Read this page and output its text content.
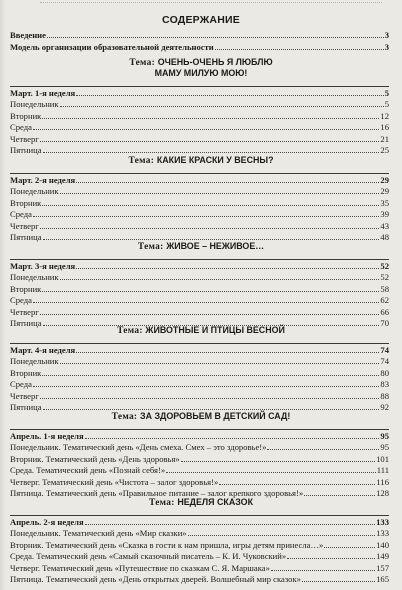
СОДЕРЖАНИЕ
Введение	3
Модель организации образовательной деятельности	3
Тема: ОЧЕНЬ-ОЧЕНЬ Я ЛЮБЛЮ
МАМУ МИЛУЮ МОЮ!
Март. 1-я неделя	5
Понедельник	5
Вторник	12
Среда	16
Четверг	21
Пятница	25
Тема: КАКИЕ КРАСКИ У ВЕСНЫ?
Март. 2-я неделя	29
Понедельник	29
Вторник	35
Среда	39
Четверг	43
Пятница	48
Тема: ЖИВОЕ – НЕЖИВОЕ…
Март. 3-я неделя	52
Понедельник	52
Вторник	58
Среда	62
Четверг	66
Пятница	70
Тема: ЖИВОТНЫЕ И ПТИЦЫ ВЕСНОЙ
Март. 4-я неделя	74
Понедельник	74
Вторник	80
Среда	83
Четверг	88
Пятница	92
Тема: ЗА ЗДОРОВЬЕМ В ДЕТСКИЙ САД!
Апрель. 1-я неделя	95
Понедельник. Тематический день «День смеха. Смех – это здоровье!»	95
Вторник. Тематический день «День здоровья»	101
Среда. Тематический день «Познай себя!»	111
Четверг. Тематический день «Чистота – залог здоровья!»	116
Пятница. Тематический день «Правильное питание – залог крепкого здоровья!»	128
Тема: НЕДЕЛЯ СКАЗОК
Апрель. 2-я неделя	133
Понедельник. Тематический день «Мир сказки»	133
Вторник. Тематический день «Сказка в гости к нам пришла, игры детям принесла…»	140
Среда. Тематический день «Самый сказочный писатель – К. И. Чуковский»	149
Четверг. Тематический день «Путешествие по сказкам С. Я. Маршака»	157
Пятница. Тематический день «День открытых дверей. Волшебный мир сказок»	165
